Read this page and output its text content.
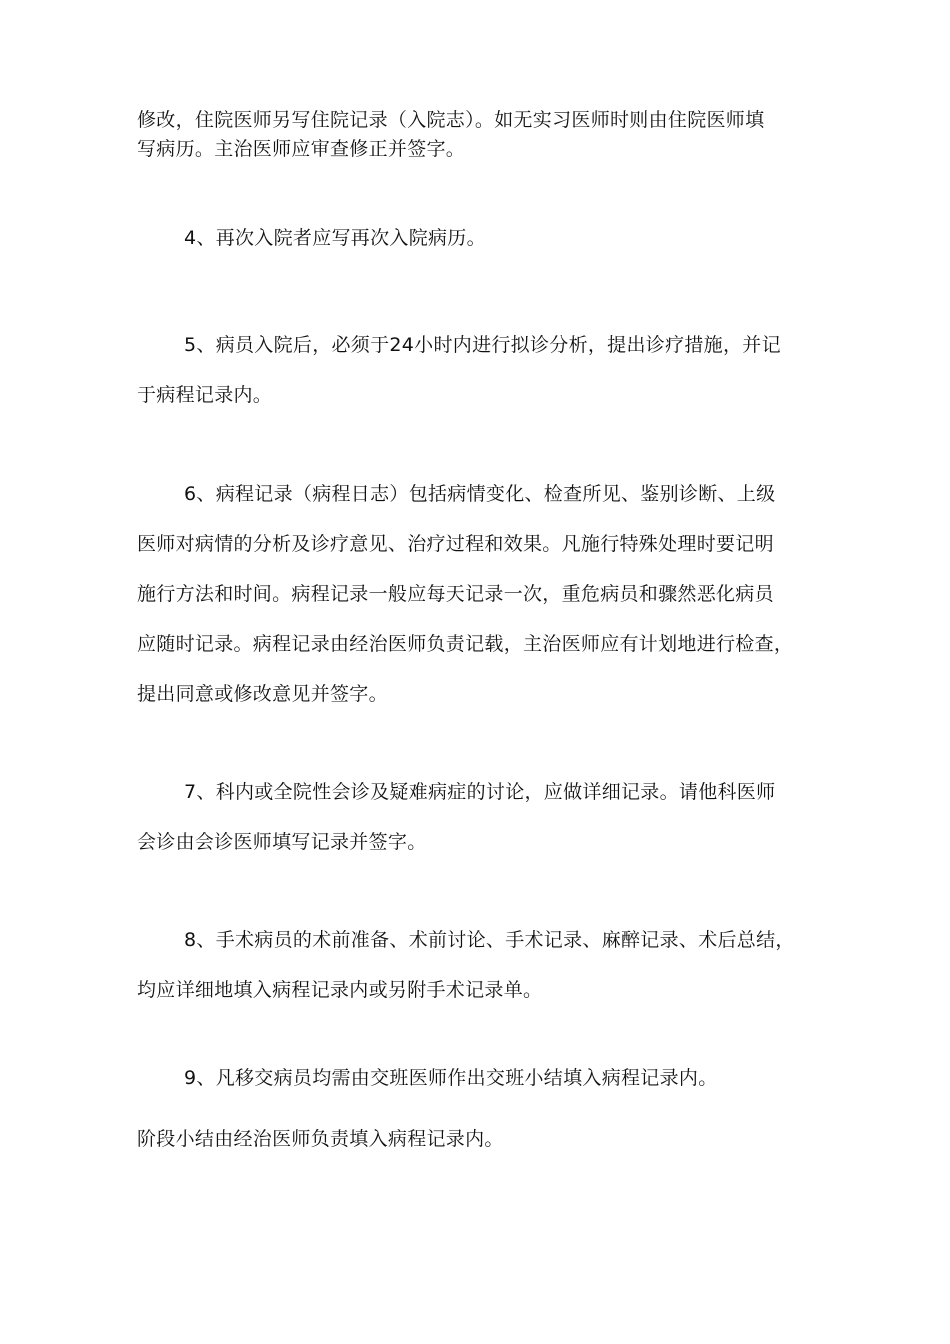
修改，住院医师另写住院记录（入院志）。如无实习医师时则由住院医师填
写病历。主治医师应审查修正并签字。

4、再次入院者应写再次入院病历。

5、病员入院后，必须于24小时内进行拟诊分析，提出诊疗措施，并记
于病程记录内。

6、病程记录（病程日志）包括病情变化、检查所见、鉴别诊断、上级
医师对病情的分析及诊疗意见、治疗过程和效果。凡施行特殊处理时要记明
施行方法和时间。病程记录一般应每天记录一次，重危病员和骤然恶化病员
应随时记录。病程记录由经治医师负责记载，主治医师应有计划地进行检查，
提出同意或修改意见并签字。

7、科内或全院性会诊及疑难病症的讨论，应做详细记录。请他科医师
会诊由会诊医师填写记录并签字。

8、手术病员的术前准备、术前讨论、手术记录、麻醉记录、术后总结，
均应详细地填入病程记录内或另附手术记录单。

9、凡移交病员均需由交班医师作出交班小结填入病程记录内。

阶段小结由经治医师负责填入病程记录内。
